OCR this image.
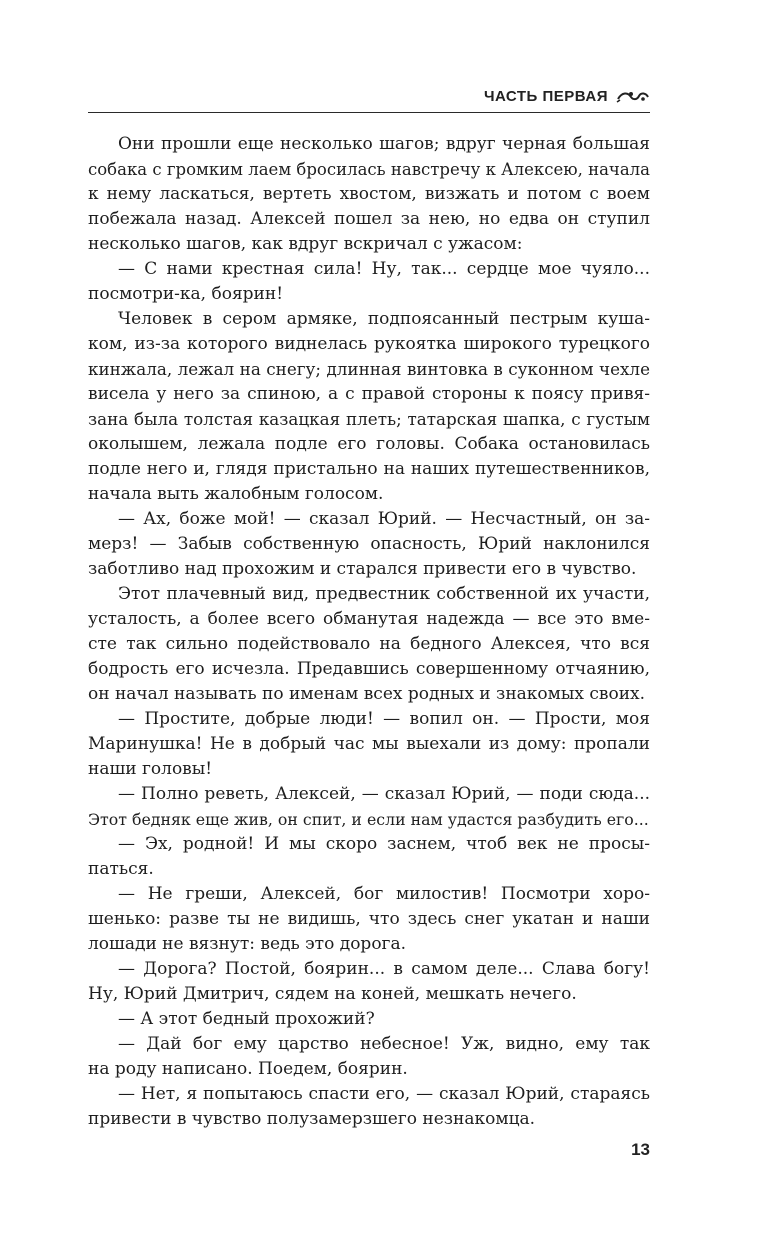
ЧАСТЬ ПЕРВАЯ
Они прошли еще несколько шагов; вдруг черная большая
собака с громким лаем бросилась навстречу к Алексею, начала
к нему ласкаться, вертеть хвостом, визжать и потом с воем
побежала назад. Алексей пошел за нею, но едва он ступил
несколько шагов, как вдруг вскричал с ужасом:
— С нами крестная сила! Ну, так... сердце мое чуяло...
посмотри-ка, боярин!
Человек в сером армяке, подпоясанный пестрым куша-
ком, из-за которого виднелась рукоятка широкого турецкого
кинжала, лежал на снегу; длинная винтовка в суконном чехле
висела у него за спиною, а с правой стороны к поясу привя-
зана была толстая казацкая плеть; татарская шапка, с густым
околышем, лежала подле его головы. Собака остановилась
подле него и, глядя пристально на наших путешественников,
начала выть жалобным голосом.
— Ах, боже мой! — сказал Юрий. — Несчастный, он за-
мерз! — Забыв собственную опасность, Юрий наклонился
заботливо над прохожим и старался привести его в чувство.
Этот плачевный вид, предвестник собственной их участи,
усталость, а более всего обманутая надежда — все это вме-
сте так сильно подействовало на бедного Алексея, что вся
бодрость его исчезла. Предавшись совершенному отчаянию,
он начал называть по именам всех родных и знакомых своих.
— Простите, добрые люди! — вопил он. — Прости, моя
Маринушка! Не в добрый час мы выехали из дому: пропали
наши головы!
— Полно реветь, Алексей, — сказал Юрий, — поди сюда...
Этот бедняк еще жив, он спит, и если нам удастся разбудить его...
— Эх, родной! И мы скоро заснем, чтоб век не просы-
паться.
— Не греши, Алексей, бог милостив! Посмотри хоро-
шенько: разве ты не видишь, что здесь снег укатан и наши
лошади не вязнут: ведь это дорога.
— Дорога? Постой, боярин... в самом деле... Слава богу!
Ну, Юрий Дмитрич, сядем на коней, мешкать нечего.
— А этот бедный прохожий?
— Дай бог ему царство небесное! Уж, видно, ему так
на роду написано. Поедем, боярин.
— Нет, я попытаюсь спасти его, — сказал Юрий, стараясь
привести в чувство полузамерзшего незнакомца.
13
